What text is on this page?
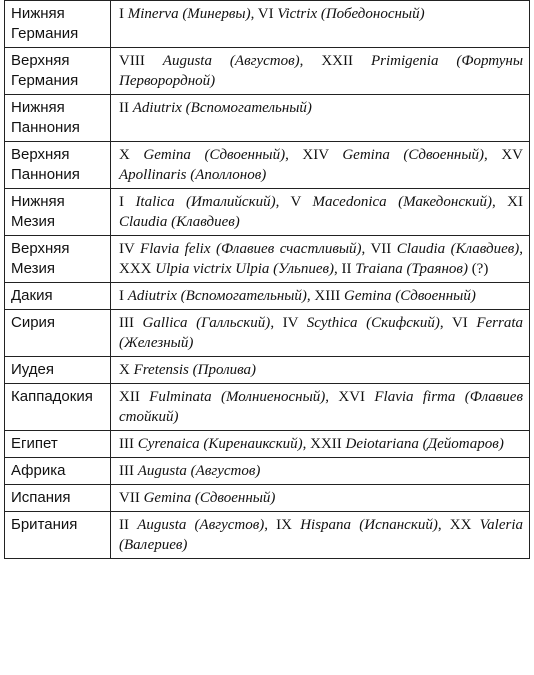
Нижняя Германия	I Minerva (Минервы), VI Victrix (Победоносный)
Верхняя Германия	VIII Augusta (Августов), XXII Primigenia (Фортуны Перворордной)
Нижняя Паннония	II Adiutrix (Вспомогательный)
Верхняя Паннония	X Gemina (Сдвоенный), XIV Gemina (Сдвоенный), XV Apollinaris (Аполлонов)
Нижняя Мезия	I Italica (Италийский), V Macedonica (Македонский), XI Claudia (Клавдиев)
Верхняя Мезия	IV Flavia felix (Флавиев счастливый), VII Claudia (Клавдиев), XXX Ulpia victrix Ulpia (Ульпиев), II Traiana (Траянов) (?)
Дакия	I Adiutrix (Вспомогательный), XIII Gemina (Сдвоенный)
Сирия	III Gallica (Галльский), IV Scythica (Скифский), VI Ferrata (Железный)
Иудея	X Fretensis (Пролива)
Каппадокия	XII Fulminata (Молниеносный), XVI Flavia firma (Флавиев стойкий)
Египет	III Cyrenaica (Киренаикский), XXII Deiotariana (Дейотаров)
Африка	III Augusta (Августов)
Испания	VII Gemina (Сдвоенный)
Британия	II Augusta (Августов), IX Hispana (Испанский), XX Valeria (Валериев)
